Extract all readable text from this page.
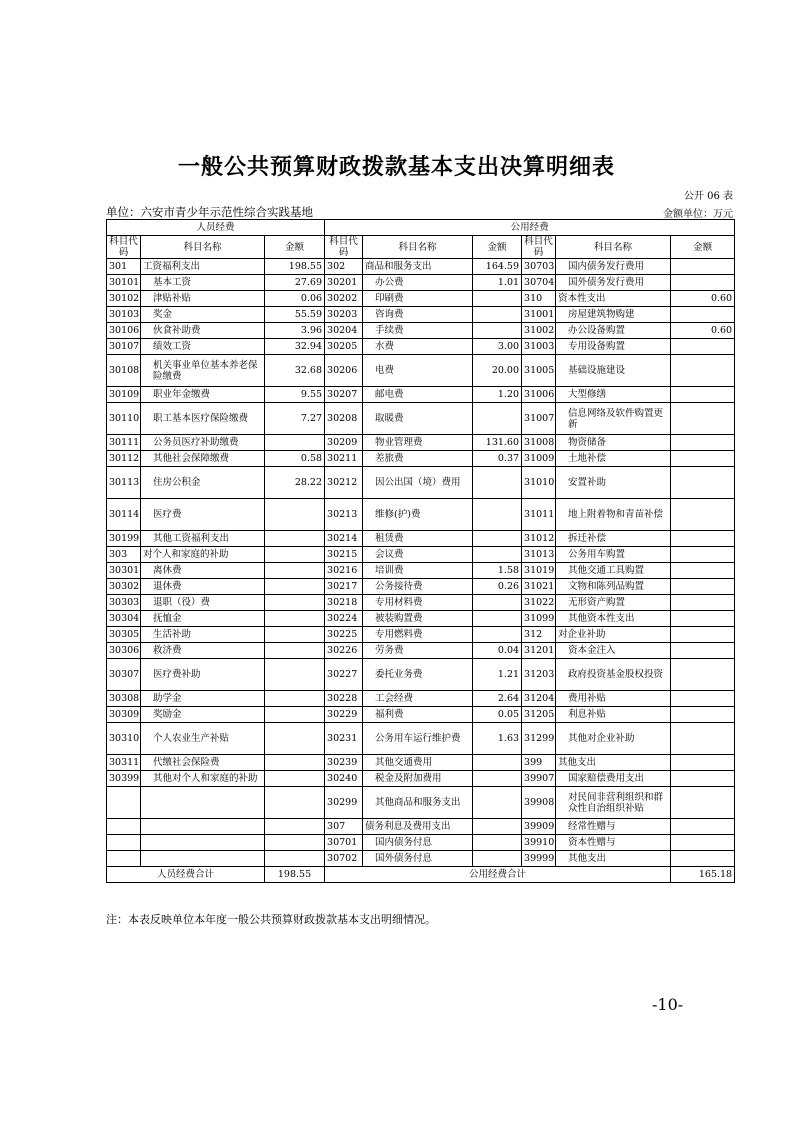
一般公共预算财政拨款基本支出决算明细表
公开 06 表
单位：六安市青少年示范性综合实践基地	金额单位：万元
人员经费			公用经费					
科目代码	科目名称	金额	科目代码	科目名称	金额	科目代码	科目名称	金额
301	工资福利支出	198.55	302	商品和服务支出	164.59	30703	国内债务发行费用	
30101	基本工资	27.69	30201	办公费	1.01	30704	国外债务发行费用	
30102	津贴补贴	0.06	30202	印刷费		310	资本性支出	0.60
30103	奖金	55.59	30203	咨询费		31001	房屋建筑物购建	
30106	伙食补助费	3.96	30204	手续费		31002	办公设备购置	0.60
30107	绩效工资	32.94	30205	水费	3.00	31003	专用设备购置	
30108	机关事业单位基本养老保险缴费	32.68	30206	电费	20.00	31005	基础设施建设	
30109	职业年金缴费	9.55	30207	邮电费	1.20	31006	大型修缮	
30110	职工基本医疗保险缴费	7.27	30208	取暖费		31007	信息网络及软件购置更新	
30111	公务员医疗补助缴费		30209	物业管理费	131.60	31008	物资储备	
30112	其他社会保障缴费	0.58	30211	差旅费	0.37	31009	土地补偿	
30113	住房公积金	28.22	30212	因公出国（境）费用		31010	安置补助	
30114	医疗费		30213	维修(护)费		31011	地上附着物和青苗补偿	
30199	其他工资福利支出		30214	租赁费		31012	拆迁补偿	
303	对个人和家庭的补助		30215	会议费		31013	公务用车购置	
30301	离休费		30216	培训费	1.58	31019	其他交通工具购置	
30302	退休费		30217	公务接待费	0.26	31021	文物和陈列品购置	
30303	退职（役）费		30218	专用材料费		31022	无形资产购置	
30304	抚恤金		30224	被装购置费		31099	其他资本性支出	
30305	生活补助		30225	专用燃料费		312	对企业补助	
30306	救济费		30226	劳务费	0.04	31201	资本金注入	
30307	医疗费补助		30227	委托业务费	1.21	31203	政府投资基金股权投资	
30308	助学金		30228	工会经费	2.64	31204	费用补贴	
30309	奖励金		30229	福利费	0.05	31205	利息补贴	
30310	个人农业生产补贴		30231	公务用车运行维护费	1.63	31299	其他对企业补助	
30311	代缴社会保险费		30239	其他交通费用		399	其他支出	
30399	其他对个人和家庭的补助		30240	税金及附加费用		39907	国家赔偿费用支出	
			30299	其他商品和服务支出		39908	对民间非营利组织和群众性自治组织补贴	
			307	债务利息及费用支出		39909	经常性赠与	
			30701	国内债务付息		39910	资本性赠与	
			30702	国外债务付息		39999	其他支出	
人员经费合计		198.55	公用经费合计					165.18
注：本表反映单位本年度一般公共预算财政拨款基本支出明细情况。
-10-
